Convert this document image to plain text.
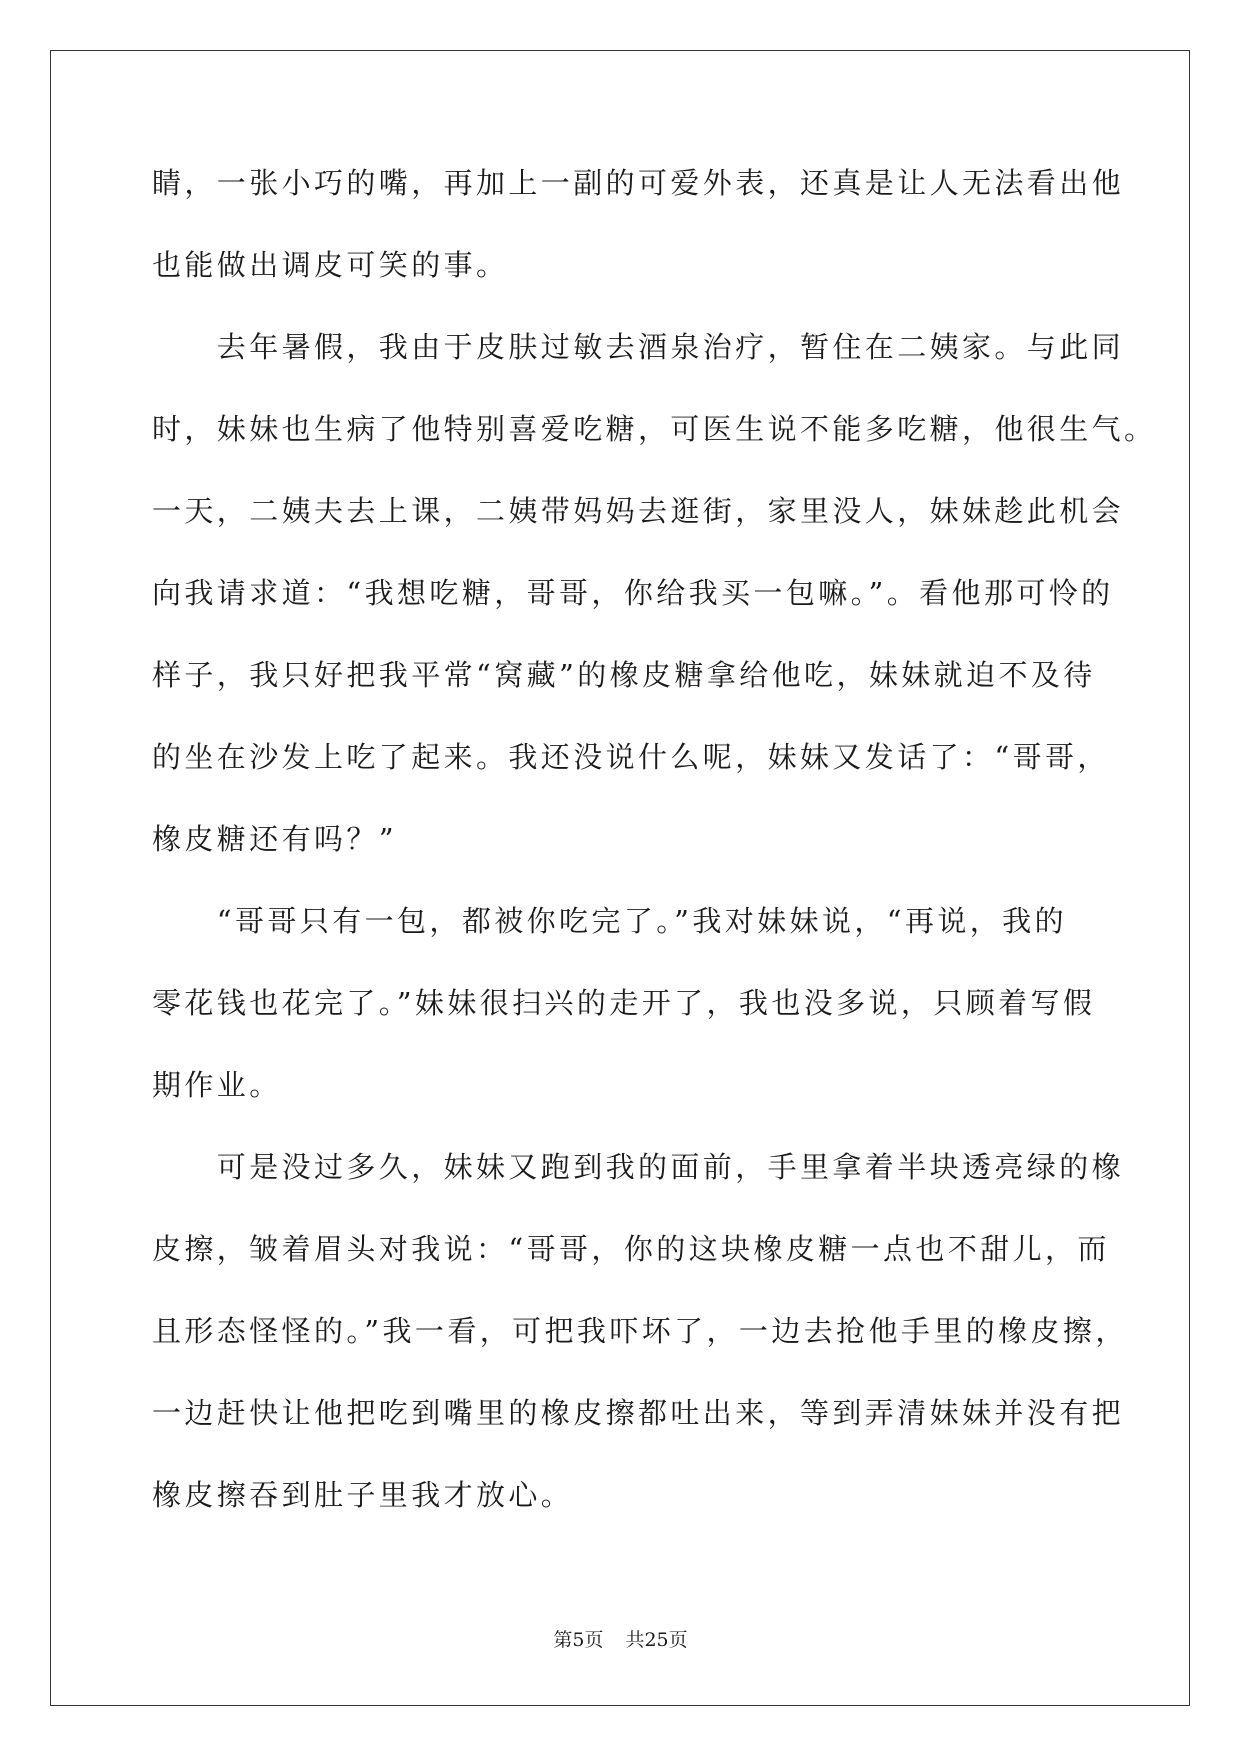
睛，一张小巧的嘴，再加上一副的可爱外表，还真是让人无法看出他
也能做出调皮可笑的事。
　　去年暑假，我由于皮肤过敏去酒泉治疗，暂住在二姨家。与此同
时，妹妹也生病了他特别喜爱吃糖，可医生说不能多吃糖，他很生气。
一天，二姨夫去上课，二姨带妈妈去逛街，家里没人，妹妹趁此机会
向我请求道：“我想吃糖，哥哥，你给我买一包嘛。”。看他那可怜的
样子，我只好把我平常“窝藏”的橡皮糖拿给他吃，妹妹就迫不及待
的坐在沙发上吃了起来。我还没说什么呢，妹妹又发话了：“哥哥，
橡皮糖还有吗？”
　　“哥哥只有一包，都被你吃完了。”我对妹妹说，“再说，我的
零花钱也花完了。”妹妹很扫兴的走开了，我也没多说，只顾着写假
期作业。
　　可是没过多久，妹妹又跑到我的面前，手里拿着半块透亮绿的橡
皮擦，皱着眉头对我说：“哥哥，你的这块橡皮糖一点也不甜儿，而
且形态怪怪的。”我一看，可把我吓坏了，一边去抢他手里的橡皮擦，
一边赶快让他把吃到嘴里的橡皮擦都吐出来，等到弄清妹妹并没有把
橡皮擦吞到肚子里我才放心。
第5页 共25页
